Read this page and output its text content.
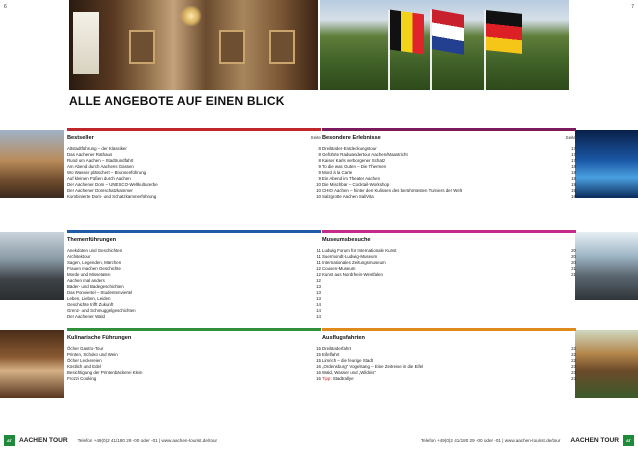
6	7
ALLE ANGEBOTE AUF EINEN BLICK
Bestseller	Seite
Altstadtführung – der Klassiker	8
Das Aachener Rathaus	8
Rund um Aachen – Stadtrundfahrt	8
Am Abend durch Aachens Gassen	9
Wo Wasser plätschert – Brunnenführung	9
Auf kleinen Füßen durch Aachen	9
Der Aachener Dom – UNESCO-Weltkulturerbe	10
Der Aachener Domschatzkammer	10
Kombinierte Dom- und Schatzkammerführung	10
Besondere Erlebnisse	Seite
Dreiländer-Entdeckungstour	17
Geführte Radwandertour Aachen/Maastricht	17
Kaiser Karls verborgener Schatz	17
To die was Guten – Die Thermen	18
Mord à la Carte	18
Ein Abend im Theater Aachen	18
Die Mischbar – Cocktail-Workshop	19
CHIO Aachen – hinter den Kulissen des berühmtesten Turniers der Welt	19
Salzgrotte Aachen SaliVita	19
Themenführungen
Anekdoten und Geschichten	11
Architektour	11
Sagen, Legenden, Märchen	11
Frauen machen Geschichte	12
Morde und Missetaten	12
Aachen mal anders	12
Bäder- und Badegeschichten	13
Das Ponviertel – Studentenviertel	13
Leben, Lieben, Leiden	13
Geschichte trifft Zukunft	14
Grenz- und Schmuggelgeschichten	14
Der Aachener Wald	14
Museumsbesuche
Ludwig Forum für Internationale Kunst	20
Suermondt-Ludwig-Museum	20
Internationales Zeitungsmuseum	20
Couven-Museum	21
Kunst aus Nordrhein-Westfalen	21
Kulinarische Führungen
Öcher Gastro-Tour	15
Printen, Schoko und Wein	15
Öcher Leckereien	15
Köstlich und Edel	16
Besichtigung der Printenbäckerei Klein	16
Frozzi Cooking	16
Ausflugsfahrten
Dreiländerfahrt	22
Eifelfahrt	22
Limrich – die feurige Stadt	22
„Ordensburg" Vogelsang – Eine Zeitreise in die Eifel	23
Wald, Wasser und „Wildnis"	23
Tipp: Stadtrallye	23
AT	AACHEN TOUR Telefon +49(0)2 41/180 29 -00 oder -01 | www.aachen-tourist.de/tour	Telefon +49(0)2 41/180 29 -00 oder -01 | www.aachen-tourist.de/tour AACHEN TOUR	AT
